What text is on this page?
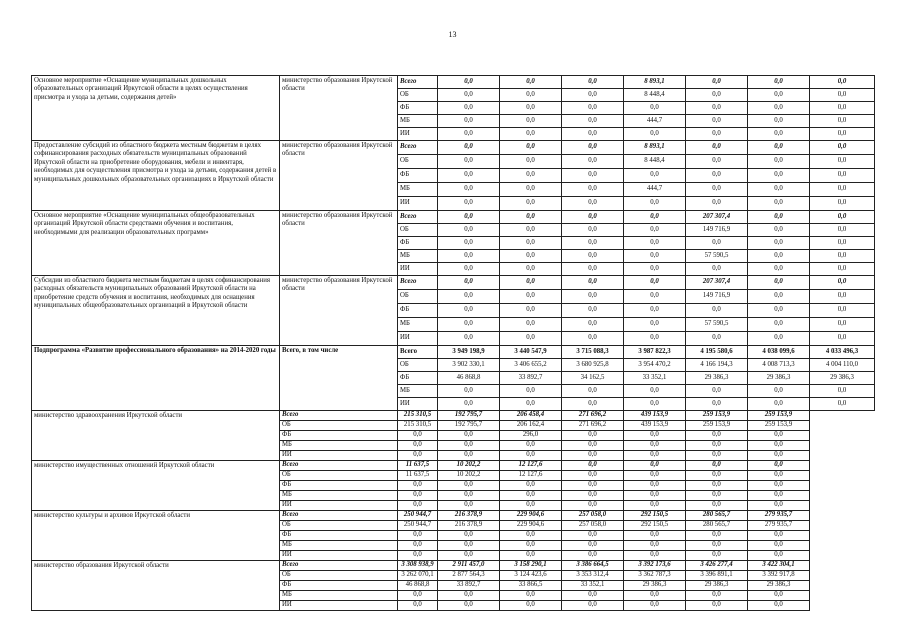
13
Основное мероприятие «Оснащение муниципальных дошкольных образовательных организаций Иркутской области в целях осуществления присмотра и ухода за детьми, содержания детей»	министерство образования Иркутской области	Всего	0,0	0,0	0,0	8 893,1	0,0	0,0	0,0
		ОБ	0,0	0,0	0,0	8 448,4	0,0	0,0	0,0
		ФБ	0,0	0,0	0,0	0,0	0,0	0,0	0,0
		МБ	0,0	0,0	0,0	444,7	0,0	0,0	0,0
		ИИ	0,0	0,0	0,0	0,0	0,0	0,0	0,0
Предоставление субсидий из областного бюджета местным бюджетам в целях софинансирования расходных обязательств муниципальных образований Иркутской области на приобретение оборудования, мебели и инвентаря, необходимых для осуществления присмотра и ухода за детьми, содержания детей в муниципальных дошкольных образовательных организациях в Иркутской области	министерство образования Иркутской области	Всего	0,0	0,0	0,0	8 893,1	0,0	0,0	0,0
		ОБ	0,0	0,0	0,0	8 448,4	0,0	0,0	0,0
		ФБ	0,0	0,0	0,0	0,0	0,0	0,0	0,0
		МБ	0,0	0,0	0,0	444,7	0,0	0,0	0,0
		ИИ	0,0	0,0	0,0	0,0	0,0	0,0	0,0
Основное мероприятие «Оснащение муниципальных общеобразовательных организаций Иркутской области средствами обучения и воспитания, необходимыми для реализации образовательных программ»	министерство образования Иркутской области	Всего	0,0	0,0	0,0	0,0	207 307,4	0,0	0,0
		ОБ	0,0	0,0	0,0	0,0	149 716,9	0,0	0,0
		ФБ	0,0	0,0	0,0	0,0	0,0	0,0	0,0
		МБ	0,0	0,0	0,0	0,0	57 590,5	0,0	0,0
		ИИ	0,0	0,0	0,0	0,0	0,0	0,0	0,0
Субсидии из областного бюджета местным бюджетам в целях софинансирования расходных обязательств муниципальных образований Иркутской области на приобретение средств обучения и воспитания, необходимых для оснащения муниципальных общеобразовательных организаций в Иркутской области	министерство образования Иркутской области	Всего	0,0	0,0	0,0	0,0	207 307,4	0,0	0,0
		ОБ	0,0	0,0	0,0	0,0	149 716,9	0,0	0,0
		ФБ	0,0	0,0	0,0	0,0	0,0	0,0	0,0
		МБ	0,0	0,0	0,0	0,0	57 590,5	0,0	0,0
		ИИ	0,0	0,0	0,0	0,0	0,0	0,0	0,0
Подпрограмма «Развитие профессионального образования» на 2014-2020 годы	Всего, в том числе	Всего	3 949 198,9	3 440 547,9	3 715 088,3	3 987 822,3	4 195 580,6	4 038 099,6	4 033 496,3
		ОБ	3 902 330,1	3 406 655,2	3 680 925,8	3 954 470,2	4 166 194,3	4 008 713,3	4 004 110,0
		ФБ	46 868,8	33 892,7	34 162,5	33 352,1	29 386,3	29 386,3	29 386,3
		МБ	0,0	0,0	0,0	0,0	0,0	0,0	0,0
		ИИ	0,0	0,0	0,0	0,0	0,0	0,0	0,0
министерство здравоохранения Иркутской области	Всего	215 310,5	192 795,7	206 458,4	271 696,2	439 153,9	259 153,9	259 153,9	
	ОБ	215 310,5	192 795,7	206 162,4	271 696,2	439 153,9	259 153,9	259 153,9	
	ФБ	0,0	0,0	296,0	0,0	0,0	0,0	0,0	
	МБ	0,0	0,0	0,0	0,0	0,0	0,0	0,0	
	ИИ	0,0	0,0	0,0	0,0	0,0	0,0	0,0	
министерство имущественных отношений Иркутской области	Всего	11 637,5	10 202,2	12 127,6	0,0	0,0	0,0	0,0	
	ОБ	11 637,5	10 202,2	12 127,6	0,0	0,0	0,0	0,0	
	ФБ	0,0	0,0	0,0	0,0	0,0	0,0	0,0	
	МБ	0,0	0,0	0,0	0,0	0,0	0,0	0,0	
	ИИ	0,0	0,0	0,0	0,0	0,0	0,0	0,0	
министерство культуры и архивов Иркутской области	Всего	250 944,7	216 378,9	229 904,6	257 058,0	292 150,5	280 565,7	279 935,7	
	ОБ	250 944,7	216 378,9	229 904,6	257 058,0	292 150,5	280 565,7	279 935,7	
	ФБ	0,0	0,0	0,0	0,0	0,0	0,0	0,0	
	МБ	0,0	0,0	0,0	0,0	0,0	0,0	0,0	
	ИИ	0,0	0,0	0,0	0,0	0,0	0,0	0,0	
министерство образования Иркутской области	Всего	3 308 938,9	2 911 457,0	3 158 290,1	3 386 664,5	3 392 173,6	3 426 277,4	3 422 304,1	
	ОБ	3 262 070,1	2 877 564,3	3 124 423,6	3 353 312,4	3 362 787,3	3 396 891,1	3 392 917,8	
	ФБ	46 868,8	33 892,7	33 866,5	33 352,1	29 386,3	29 386,3	29 386,3	
	МБ	0,0	0,0	0,0	0,0	0,0	0,0	0,0	
	ИИ	0,0	0,0	0,0	0,0	0,0	0,0	0,0	
